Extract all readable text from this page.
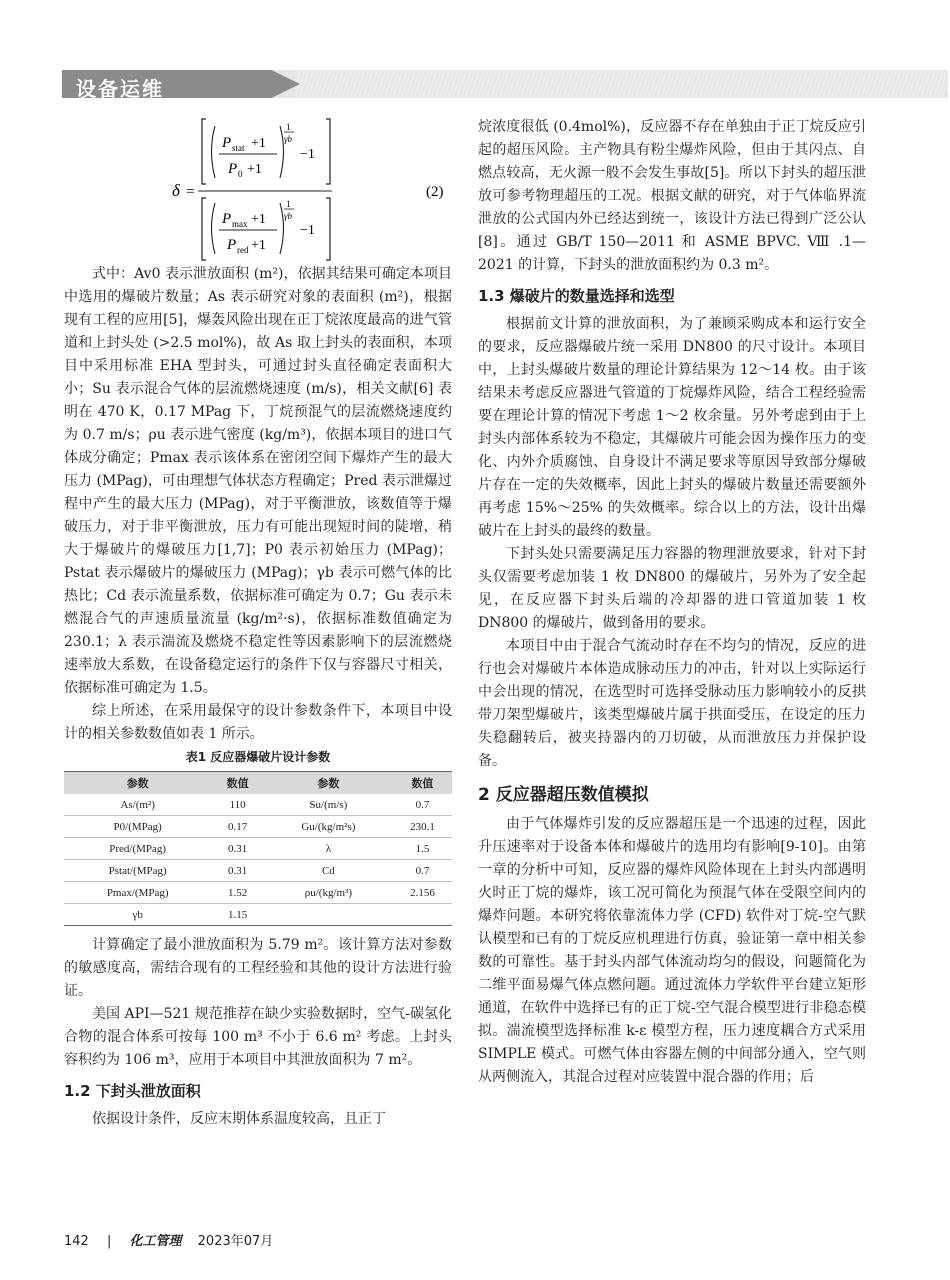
设备运维
δ =
P stat +1
P 0 +1
1
γb
−1
P max +1
P red +1
1
γb
−1
(2)

式中：Av0 表示泄放面积 (m²)，依据其结果可确定本项目中选用的爆破片数量；As 表示研究对象的表面积 (m²)，根据现有工程的应用[5]，爆轰风险出现在正丁烷浓度最高的进气管道和上封头处 (>2.5 mol%)，故 As 取上封头的表面积，本项目中采用标准 EHA 型封头，可通过封头直径确定表面积大小；Su 表示混合气体的层流燃烧速度 (m/s)，相关文献[6] 表明在 470 K，0.17 MPag 下，丁烷预混气的层流燃烧速度约为 0.7 m/s；ρu 表示进气密度 (kg/m³)，依据本项目的进口气体成分确定；Pmax 表示该体系在密闭空间下爆炸产生的最大压力 (MPag)，可由理想气体状态方程确定；Pred 表示泄爆过程中产生的最大压力 (MPag)，对于平衡泄放，该数值等于爆破压力，对于非平衡泄放，压力有可能出现短时间的陡增，稍大于爆破片的爆破压力[1,7]；P0 表示初始压力 (MPag)；Pstat 表示爆破片的爆破压力 (MPag)；γb 表示可燃气体的比热比；Cd 表示流量系数，依据标准可确定为 0.7；Gu 表示未燃混合气的声速质量流量 (kg/m²·s)，依据标准数值确定为 230.1；λ 表示湍流及燃烧不稳定性等因素影响下的层流燃烧速率放大系数，在设备稳定运行的条件下仅与容器尺寸相关，依据标准可确定为 1.5。

综上所述，在采用最保守的设计参数条件下，本项目中设计的相关参数数值如表 1 所示。

表1 反应器爆破片设计参数
参数	数值	参数	数值
As/(m²)	110	Su/(m/s)	0.7
P0/(MPag)	0.17	Gu/(kg/m²s)	230.1
Pred/(MPag)	0.31	λ	1.5
Pstat/(MPag)	0.31	Cd	0.7
Pmax/(MPag)	1.52	ρu/(kg/m³)	2.156
γb	1.15		

计算确定了最小泄放面积为 5.79 m²。该计算方法对参数的敏感度高，需结合现有的工程经验和其他的设计方法进行验证。

美国 API—521 规范推荐在缺少实验数据时，空气-碳氢化合物的混合体系可按每 100 m³ 不小于 6.6 m² 考虑。上封头容积约为 106 m³，应用于本项目中其泄放面积为 7 m²。

1.2 下封头泄放面积

依据设计条件，反应末期体系温度较高，且正丁

烷浓度很低 (0.4mol%)，反应器不存在单独由于正丁烷反应引起的超压风险。主产物具有粉尘爆炸风险，但由于其闪点、自燃点较高，无火源一般不会发生事故[5]。所以下封头的超压泄放可参考物理超压的工况。根据文献的研究，对于气体临界流泄放的公式国内外已经达到统一，该设计方法已得到广泛公认[8]。通过 GB/T 150—2011 和 ASME BPVC. Ⅷ .1—2021 的计算，下封头的泄放面积约为 0.3 m²。

1.3 爆破片的数量选择和选型

根据前文计算的泄放面积，为了兼顾采购成本和运行安全的要求，反应器爆破片统一采用 DN800 的尺寸设计。本项目中，上封头爆破片数量的理论计算结果为 12～14 枚。由于该结果未考虑反应器进气管道的丁烷爆炸风险，结合工程经验需要在理论计算的情况下考虑 1～2 枚余量。另外考虑到由于上封头内部体系较为不稳定，其爆破片可能会因为操作压力的变化、内外介质腐蚀、自身设计不满足要求等原因导致部分爆破片存在一定的失效概率，因此上封头的爆破片数量还需要额外再考虑 15%～25% 的失效概率。综合以上的方法，设计出爆破片在上封头的最终的数量。

下封头处只需要满足压力容器的物理泄放要求，针对下封头仅需要考虑加装 1 枚 DN800 的爆破片，另外为了安全起见，在反应器下封头后端的冷却器的进口管道加装 1 枚 DN800 的爆破片，做到备用的要求。

本项目中由于混合气流动时存在不均匀的情况，反应的进行也会对爆破片本体造成脉动压力的冲击，针对以上实际运行中会出现的情况，在选型时可选择受脉动压力影响较小的反拱带刀架型爆破片，该类型爆破片属于拱面受压，在设定的压力失稳翻转后，被夹持器内的刀切破，从而泄放压力并保护设备。

2 反应器超压数值模拟

由于气体爆炸引发的反应器超压是一个迅速的过程，因此升压速率对于设备本体和爆破片的选用均有影响[9-10]。由第一章的分析中可知，反应器的爆炸风险体现在上封头内部遇明火时正丁烷的爆炸，该工况可简化为预混气体在受限空间内的爆炸问题。本研究将依靠流体力学 (CFD) 软件对丁烷-空气默认模型和已有的丁烷反应机理进行仿真，验证第一章中相关参数的可靠性。基于封头内部气体流动均匀的假设，问题简化为二维平面易爆气体点燃问题。通过流体力学软件平台建立矩形通道，在软件中选择已有的正丁烷-空气混合模型进行非稳态模拟。湍流模型选择标准 k-ε 模型方程，压力速度耦合方式采用 SIMPLE 模式。可燃气体由容器左侧的中间部分通入，空气则从两侧流入，其混合过程对应装置中混合器的作用；后

142 | 化工管理 2023年07月
